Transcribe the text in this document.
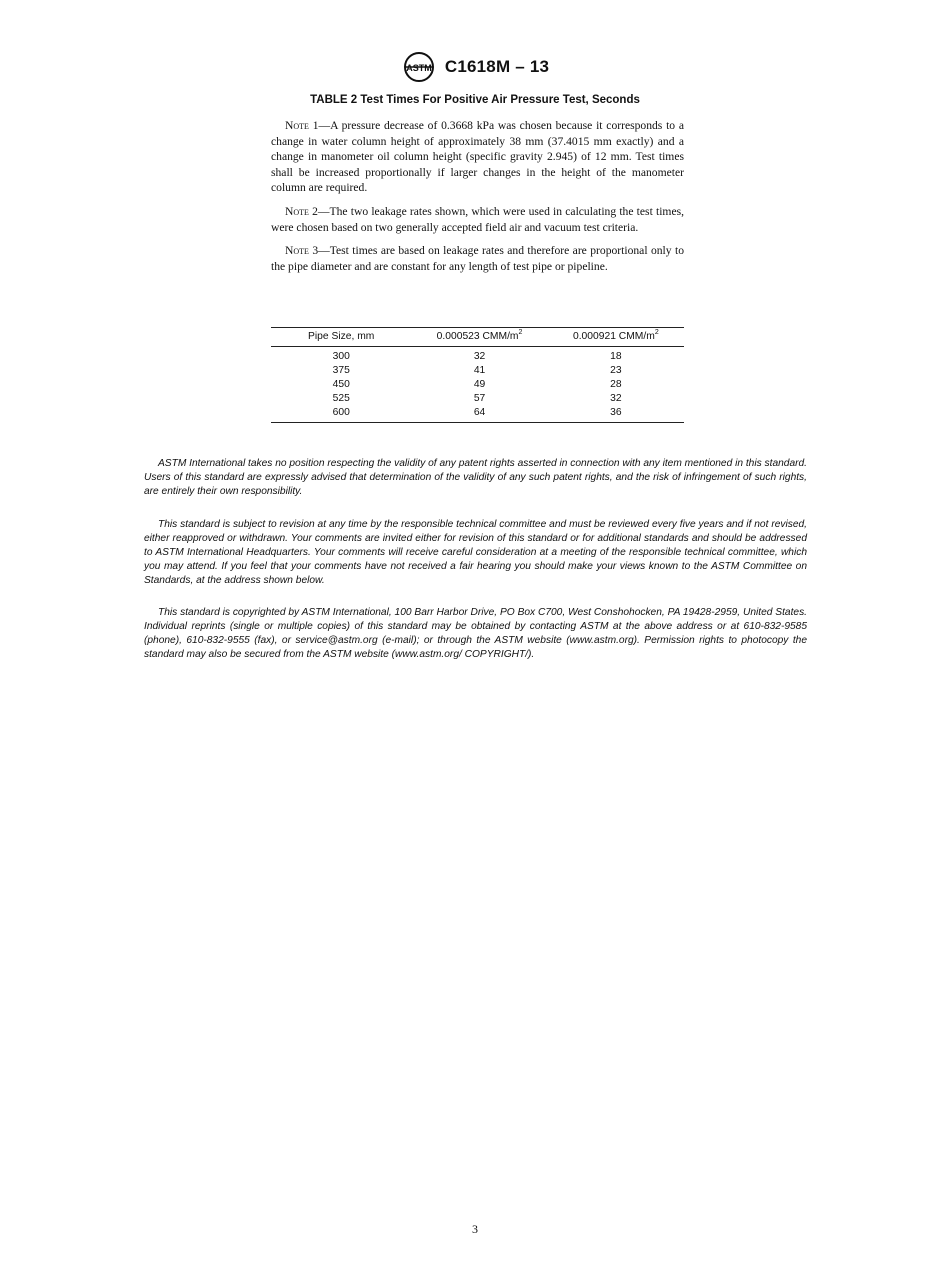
ASTM C1618M – 13
TABLE 2 Test Times For Positive Air Pressure Test, Seconds

Note 1—A pressure decrease of 0.3668 kPa was chosen because it corresponds to a change in water column height of approximately 38 mm (37.4015 mm exactly) and a change in manometer oil column height (specific gravity 2.945) of 12 mm. Test times shall be increased proportionally if larger changes in the height of the manometer column are required.

Note 2—The two leakage rates shown, which were used in calculating the test times, were chosen based on two generally accepted field air and vacuum test criteria.

Note 3—Test times are based on leakage rates and therefore are proportional only to the pipe diameter and are constant for any length of test pipe or pipeline.

Pipe Size, mm	0.000523 CMM/$m^2$	0.000921 CMM/$m^2$
300	32	18
375	41	23
450	49	28
525	57	32
600	64	36

ASTM International takes no position respecting the validity of any patent rights asserted in connection with any item mentioned in this standard. Users of this standard are expressly advised that determination of the validity of any such patent rights, and the risk of infringement of such rights, are entirely their own responsibility.

This standard is subject to revision at any time by the responsible technical committee and must be reviewed every five years and if not revised, either reapproved or withdrawn. Your comments are invited either for revision of this standard or for additional standards and should be addressed to ASTM International Headquarters. Your comments will receive careful consideration at a meeting of the responsible technical committee, which you may attend. If you feel that your comments have not received a fair hearing you should make your views known to the ASTM Committee on Standards, at the address shown below.

This standard is copyrighted by ASTM International, 100 Barr Harbor Drive, PO Box C700, West Conshohocken, PA 19428-2959, United States. Individual reprints (single or multiple copies) of this standard may be obtained by contacting ASTM at the above address or at 610-832-9585 (phone), 610-832-9555 (fax), or service@astm.org (e-mail); or through the ASTM website (www.astm.org). Permission rights to photocopy the standard may also be secured from the ASTM website (www.astm.org/ COPYRIGHT/).

3
